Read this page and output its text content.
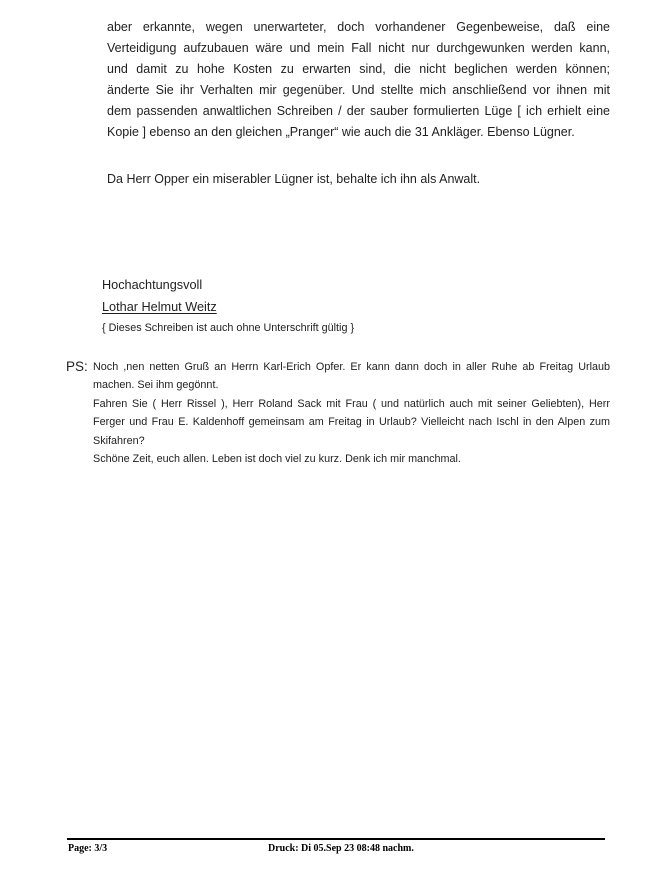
aber erkannte, wegen unerwarteter, doch vorhandener Gegenbeweise, daß eine
Verteidigung aufzubauen wäre und mein Fall nicht nur durchgewunken werden kann,
und damit zu hohe Kosten zu erwarten sind, die nicht beglichen werden können;
änderte Sie ihr Verhalten mir gegenüber. Und stellte mich anschließend vor ihnen mit
dem passenden anwaltlichen Schreiben / der sauber formulierten Lüge [ ich erhielt eine
Kopie ] ebenso an den gleichen „Pranger“ wie auch die 31 Ankläger. Ebenso Lügner.
Da Herr Opper ein miserabler Lügner ist, behalte ich ihn als Anwalt.
Hochachtungsvoll
Lothar Helmut Weitz
{ Dieses Schreiben ist auch ohne Unterschrift gültig }
PS: Noch ,nen netten Gruß an Herrn Karl-Erich Opfer. Er kann dann doch in aller Ruhe ab Freitag Urlaub
machen. Sei ihm gegönnt.
Fahren Sie ( Herr Rissel ), Herr Roland Sack mit Frau ( und natürlich auch mit seiner Geliebten), Herr
Ferger und Frau E. Kaldenhoff gemeinsam am Freitag in Urlaub? Vielleicht nach Ischl in den Alpen zum
Skifahren?
Schöne Zeit, euch allen. Leben ist doch viel zu kurz. Denk ich mir manchmal.
Page: 3/3	Druck: Di 05.Sep 23 08:48 nachm.
